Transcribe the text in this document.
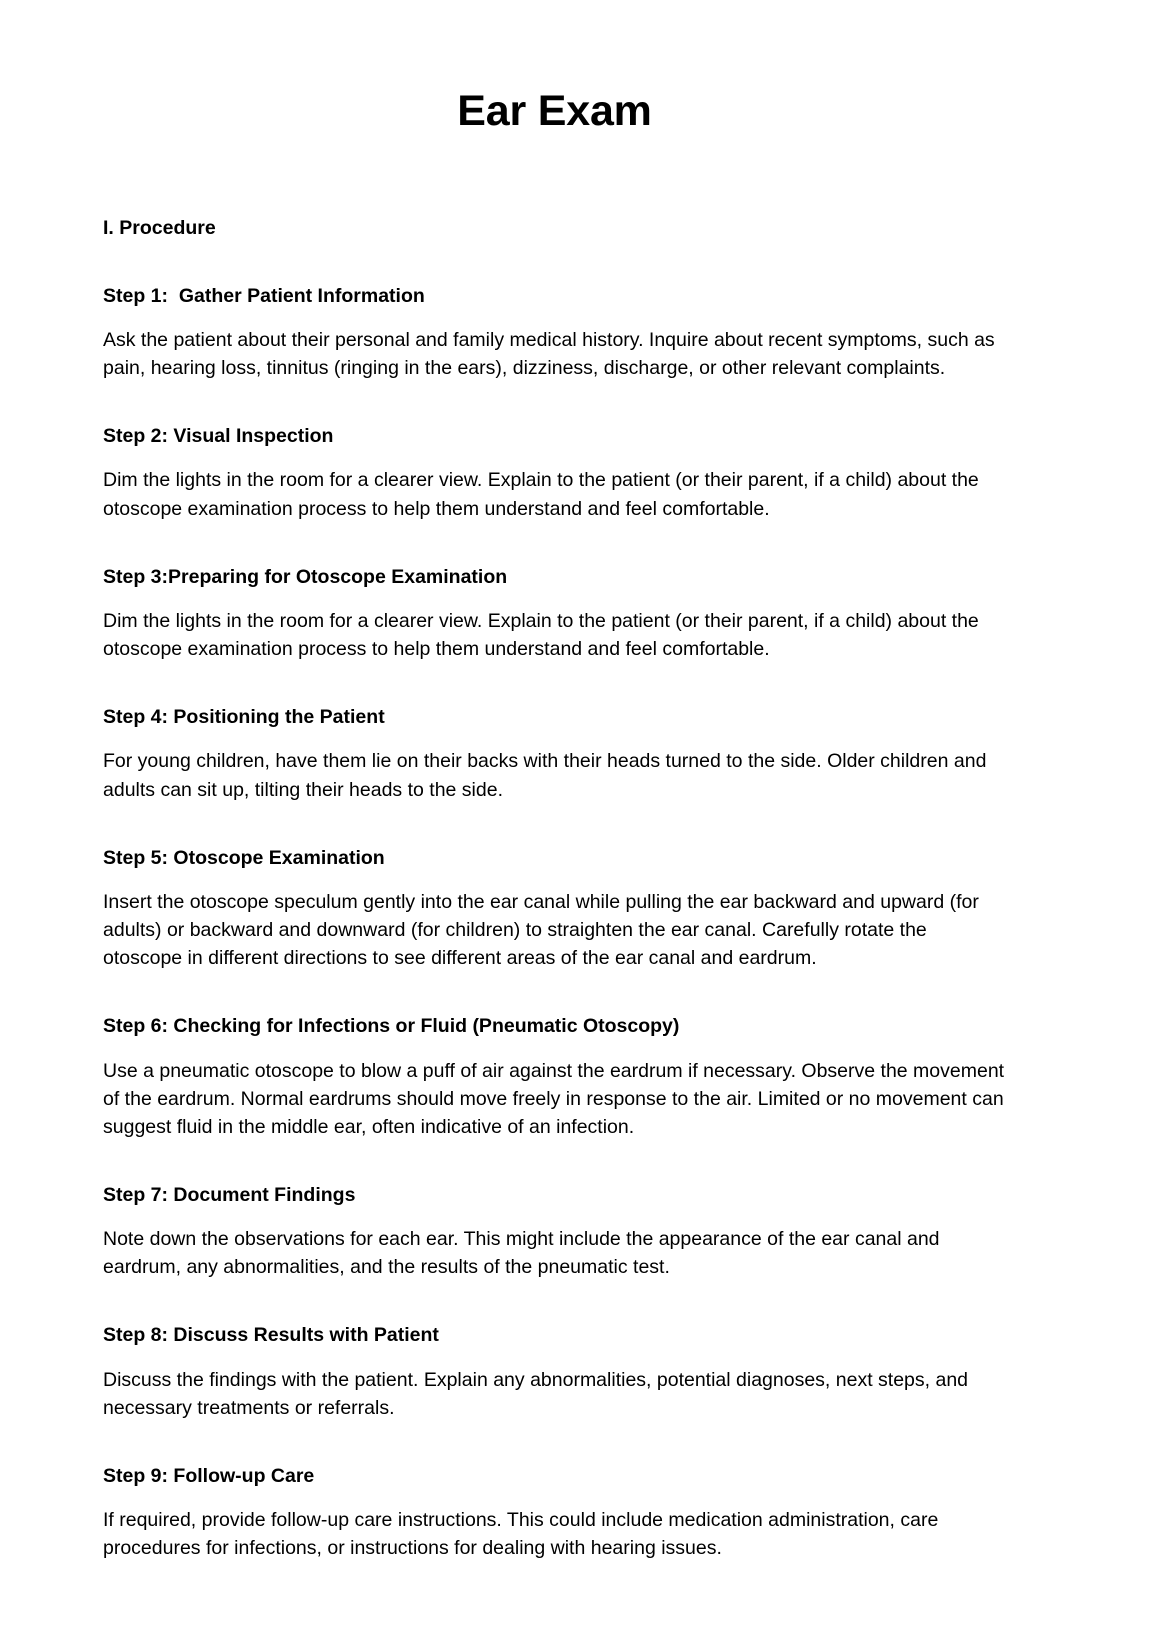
Ear Exam
I. Procedure
Step 1:  Gather Patient Information

Ask the patient about their personal and family medical history. Inquire about recent symptoms, such as pain, hearing loss, tinnitus (ringing in the ears), dizziness, discharge, or other relevant complaints.

Step 2: Visual Inspection

Dim the lights in the room for a clearer view. Explain to the patient (or their parent, if a child) about the otoscope examination process to help them understand and feel comfortable.

Step 3:Preparing for Otoscope Examination

Dim the lights in the room for a clearer view. Explain to the patient (or their parent, if a child) about the otoscope examination process to help them understand and feel comfortable.

Step 4: Positioning the Patient

For young children, have them lie on their backs with their heads turned to the side. Older children and adults can sit up, tilting their heads to the side.

Step 5: Otoscope Examination

Insert the otoscope speculum gently into the ear canal while pulling the ear backward and upward (for adults) or backward and downward (for children) to straighten the ear canal. Carefully rotate the otoscope in different directions to see different areas of the ear canal and eardrum.

Step 6: Checking for Infections or Fluid (Pneumatic Otoscopy)

Use a pneumatic otoscope to blow a puff of air against the eardrum if necessary. Observe the movement of the eardrum. Normal eardrums should move freely in response to the air. Limited or no movement can suggest fluid in the middle ear, often indicative of an infection.

Step 7: Document Findings

Note down the observations for each ear. This might include the appearance of the ear canal and eardrum, any abnormalities, and the results of the pneumatic test.

Step 8: Discuss Results with Patient

Discuss the findings with the patient. Explain any abnormalities, potential diagnoses, next steps, and necessary treatments or referrals.

Step 9: Follow-up Care

If required, provide follow-up care instructions. This could include medication administration, care procedures for infections, or instructions for dealing with hearing issues.
